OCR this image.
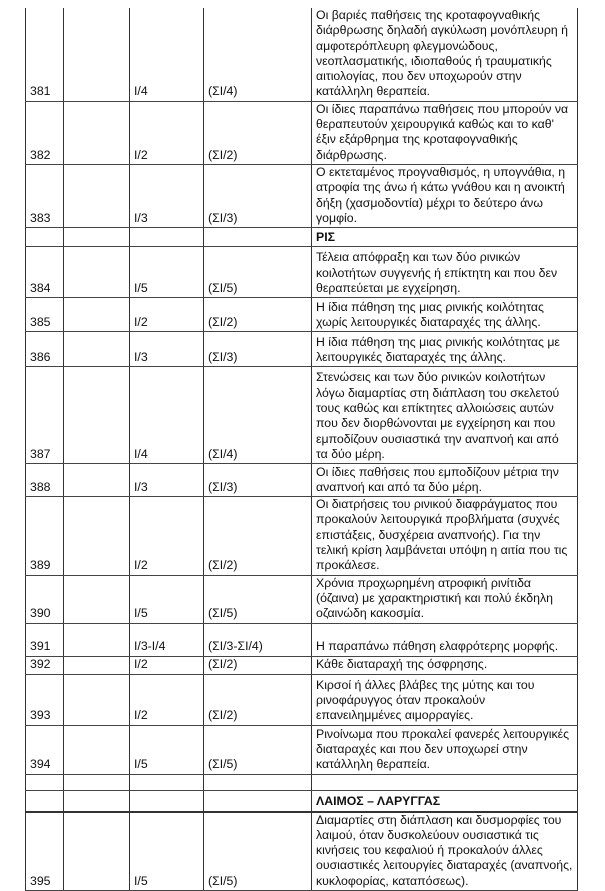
381		I/4	(ΣΙ/4)	Οι βαριές παθήσεις της κροταφογναθικής διάρθρωσης δηλαδή αγκύλωση μονόπλευρη ή αμφοτερόπλευρη φλεγμονώδους, νεοπλασματικής, ιδιοπαθούς ή τραυματικής αιτιολογίας, που δεν υποχωρούν στην κατάλληλη θεραπεία.
382		I/2	(ΣΙ/2)	Οι ίδιες παραπάνω παθήσεις που μπορούν να θεραπευτούν χειρουργικά καθώς και το καθ' έξιν εξάρθρημα της κροταφογναθικής διάρθρωσης.
383		I/3	(ΣΙ/3)	Ο εκτεταμένος προγναθισμός, η υπογνάθια, η ατροφία της άνω ή κάτω γνάθου και η ανοικτή δήξη (χασμοδοντία) μέχρι το δεύτερο άνω γομφίο.
				ΡΙΣ
384		I/5	(ΣΙ/5)	Τέλεια απόφραξη και των δύο ρινικών κοιλοτήτων συγγενής ή επίκτητη και που δεν θεραπεύεται με εγχείρηση.
385		I/2	(ΣΙ/2)	Η ίδια πάθηση της μιας ρινικής κοιλότητας χωρίς λειτουργικές διαταραχές της άλλης.
386		I/3	(ΣΙ/3)	Η ίδια πάθηση της μιας ρινικής κοιλότητας με λειτουργικές διαταραχές της άλλης.
387		I/4	(ΣΙ/4)	Στενώσεις και των δύο ρινικών κοιλοτήτων λόγω διαμαρτίας στη διάπλαση του σκελετού τους καθώς και επίκτητες αλλοιώσεις αυτών που δεν διορθώνονται με εγχείρηση και που εμποδίζουν ουσιαστικά την αναπνοή και από τα δύο μέρη.
388		I/3	(ΣΙ/3)	Οι ίδιες παθήσεις που εμποδίζουν μέτρια την αναπνοή και από τα δύο μέρη.
389		I/2	(ΣΙ/2)	Οι διατρήσεις του ρινικού διαφράγματος που προκαλούν λειτουργικά προβλήματα (συχνές επιστάξεις, δυσχέρεια αναπνοής). Για την τελική κρίση λαμβάνεται υπόψη η αιτία που τις προκάλεσε.
390		I/5	(ΣΙ/5)	Χρόνια προχωρημένη ατροφική ρινίτιδα (όζαινα) με χαρακτηριστική και πολύ έκδηλη οζαινώδη κακοσμία.
391		I/3-I/4	(ΣΙ/3-ΣΙ/4)	Η παραπάνω πάθηση ελαφρότερης μορφής.
392		I/2	(ΣΙ/2)	Κάθε διαταραχή της όσφρησης.
393		I/2	(ΣΙ/2)	Κιρσοί ή άλλες βλάβες της μύτης και του ρινοφάρυγγος όταν προκαλούν επανειλημμένες αιμορραγίες.
394		I/5	(ΣΙ/5)	Ρινοίνωμα που προκαλεί φανερές λειτουργικές διαταραχές και που δεν υποχωρεί στην κατάλληλη θεραπεία.

				ΛΑΙΜΟΣ – ΛΑΡΥΓΓΑΣ
395		I/5	(ΣΙ/5)	Διαμαρτίες στη διάπλαση και δυσμορφίες του λαιμού, όταν δυσκολεύουν ουσιαστικά τις κινήσεις του κεφαλιού ή προκαλούν άλλες ουσιαστικές λειτουργίες διαταραχές (αναπνοής, κυκλοφορίας, καταπόσεως).
